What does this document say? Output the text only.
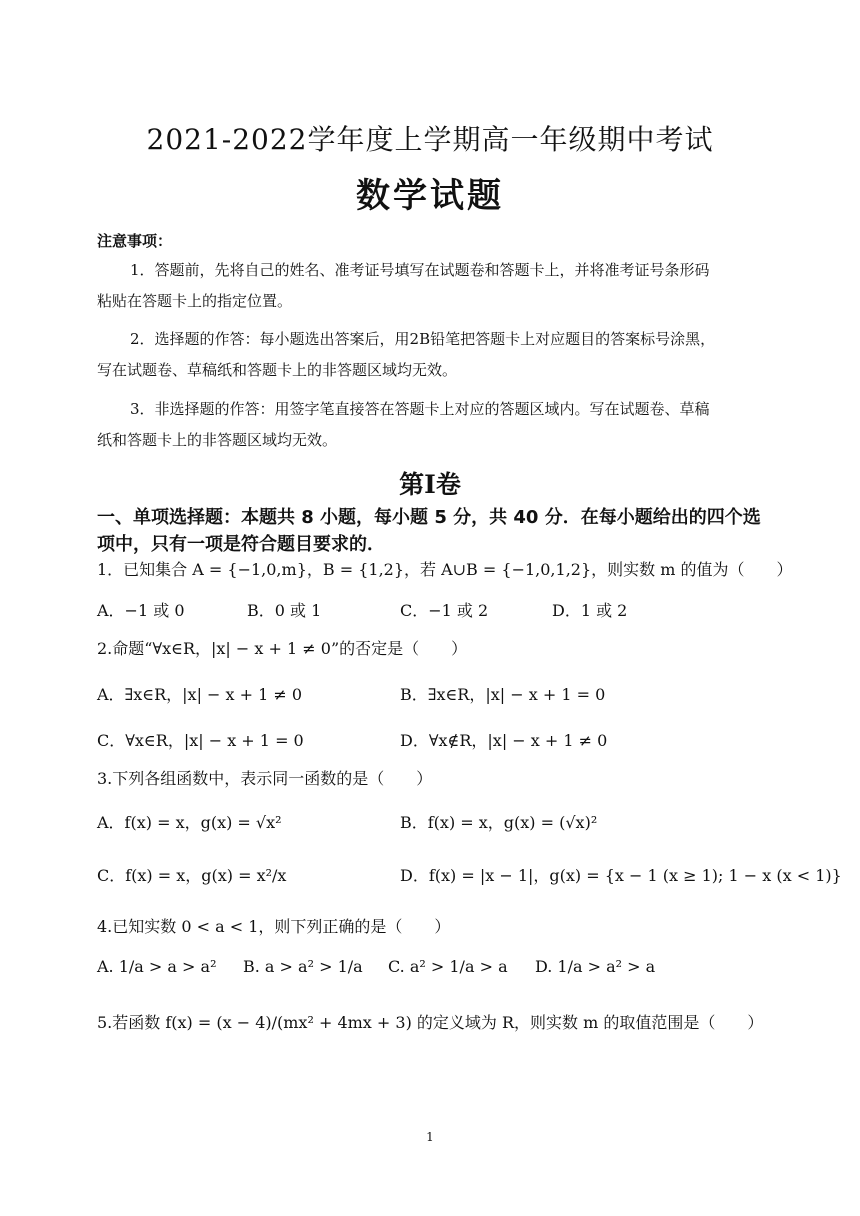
2021-2022学年度上学期高一年级期中考试
数学试题
注意事项：
1．答题前，先将自己的姓名、准考证号填写在试题卷和答题卡上，并将准考证号条形码
粘贴在答题卡上的指定位置。
2．选择题的作答：每小题选出答案后，用2B铅笔把答题卡上对应题目的答案标号涂黑，
写在试题卷、草稿纸和答题卡上的非答题区域均无效。
3．非选择题的作答：用签字笔直接答在答题卡上对应的答题区域内。写在试题卷、草稿
纸和答题卡上的非答题区域均无效。
第Ⅰ卷
一、单项选择题：本题共 8 小题，每小题 5 分，共 40 分．在每小题给出的四个选
项中，只有一项是符合题目要求的．
1．已知集合 A = {−1,0,m}，B = {1,2}，若 A∪B = {−1,0,1,2}，则实数 m 的值为（　　）
A．−1 或 0	B．0 或 1	C．−1 或 2	D．1 或 2
2.命题“∀x∈R，|x| − x + 1 ≠ 0”的否定是（　　）
A．∃x∈R，|x| − x + 1 ≠ 0	B．∃x∈R，|x| − x + 1 = 0
C．∀x∈R，|x| − x + 1 = 0	D．∀x∉R，|x| − x + 1 ≠ 0
3.下列各组函数中，表示同一函数的是（　　）
A．f(x) = x，g(x) = √x²	B．f(x) = x，g(x) = (√x)²
C．f(x) = x，g(x) = x²/x	D．f(x) = |x − 1|，g(x) = {x − 1 (x ≥ 1); 1 − x (x < 1)}
4.已知实数 0 < a < 1，则下列正确的是（　　）
A. 1/a > a > a² B. a > a² > 1/a C. a² > 1/a > a D. 1/a > a² > a
5.若函数 f(x) = (x − 4)/(mx² + 4mx + 3) 的定义域为 R，则实数 m 的取值范围是（　　）
1
